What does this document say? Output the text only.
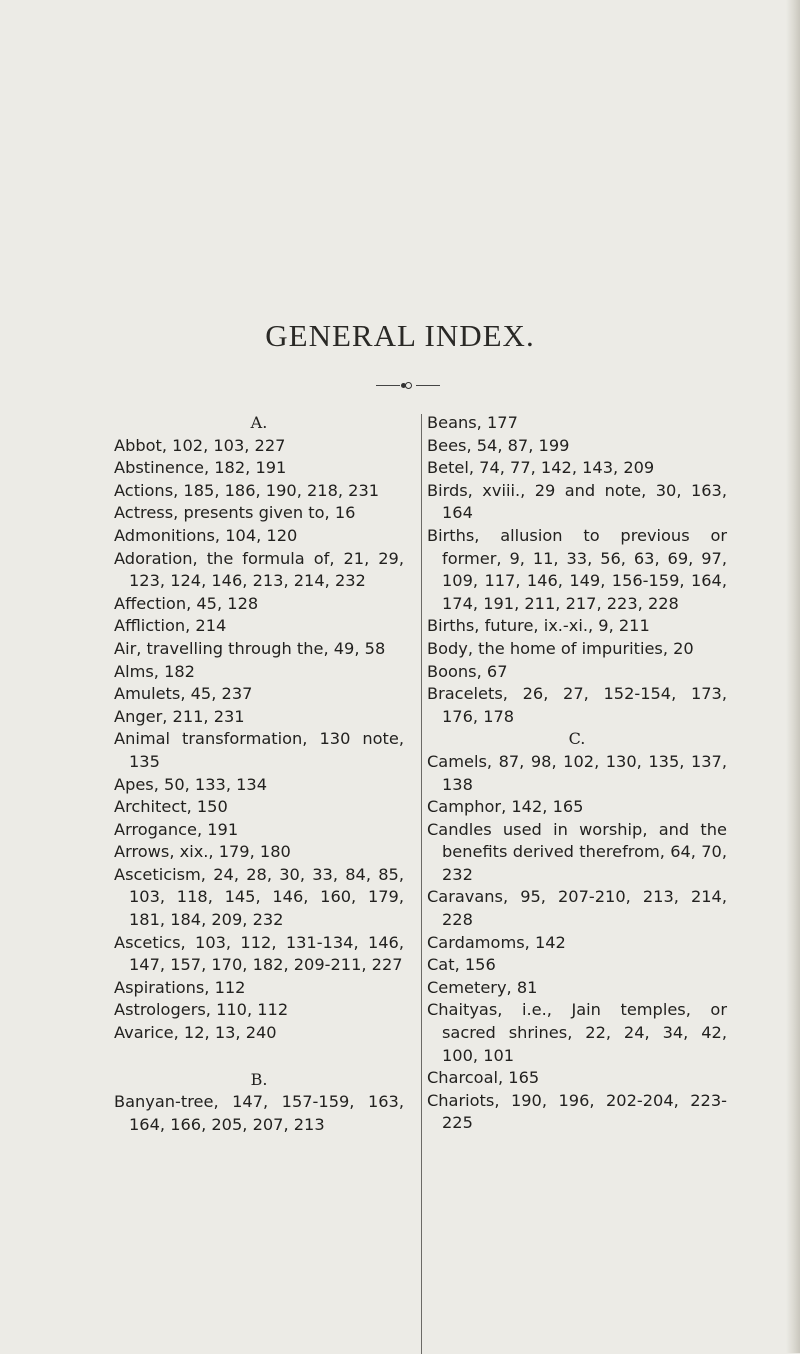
GENERAL INDEX.

A.

Abbot, 102, 103, 227

Abstinence, 182, 191

Actions, 185, 186, 190, 218, 231

Actress, presents given to, 16

Admonitions, 104, 120

Adoration, the formula of, 21, 29, 123, 124, 146, 213, 214, 232

Affection, 45, 128

Affliction, 214

Air, travelling through the, 49, 58

Alms, 182

Amulets, 45, 237

Anger, 211, 231

Animal transformation, 130 note, 135

Apes, 50, 133, 134

Architect, 150

Arrogance, 191

Arrows, xix., 179, 180

Asceticism, 24, 28, 30, 33, 84, 85, 103, 118, 145, 146, 160, 179, 181, 184, 209, 232

Ascetics, 103, 112, 131-134, 146, 147, 157, 170, 182, 209-211, 227

Aspirations, 112

Astrologers, 110, 112

Avarice, 12, 13, 240

B.

Banyan-tree, 147, 157-159, 163, 164, 166, 205, 207, 213

Beans, 177

Bees, 54, 87, 199

Betel, 74, 77, 142, 143, 209

Birds, xviii., 29 and note, 30, 163, 164

Births, allusion to previous or former, 9, 11, 33, 56, 63, 69, 97, 109, 117, 146, 149, 156-159, 164, 174, 191, 211, 217, 223, 228

Births, future, ix.-xi., 9, 211

Body, the home of impurities, 20

Boons, 67

Bracelets, 26, 27, 152-154, 173, 176, 178

C.

Camels, 87, 98, 102, 130, 135, 137, 138

Camphor, 142, 165

Candles used in worship, and the benefits derived therefrom, 64, 70, 232

Caravans, 95, 207-210, 213, 214, 228

Cardamoms, 142

Cat, 156

Cemetery, 81

Chaityas, i.e., Jain temples, or sacred shrines, 22, 24, 34, 42, 100, 101

Charcoal, 165

Chariots, 190, 196, 202-204, 223-225
